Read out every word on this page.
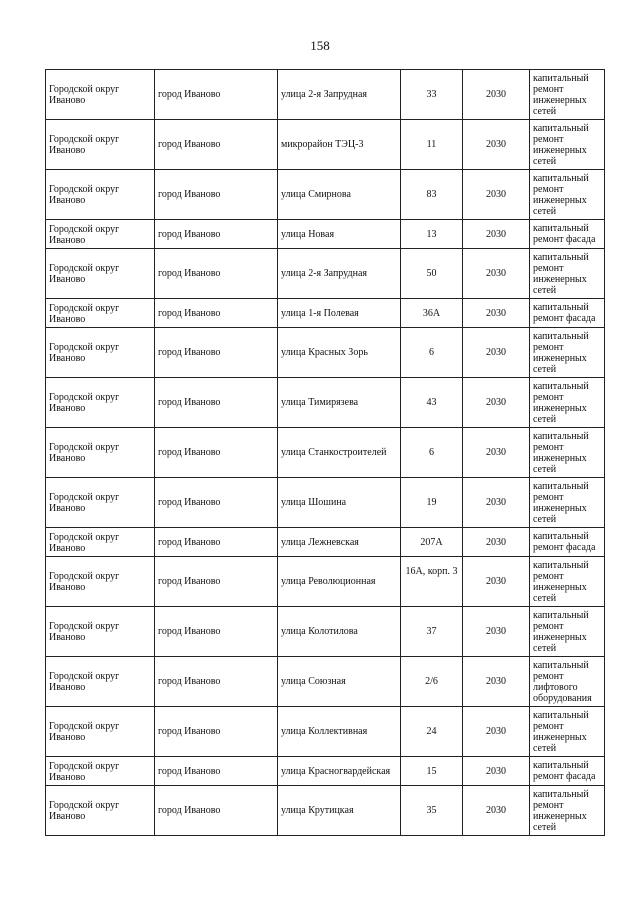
158
Городской округ Иваново	город Иваново	улица 2-я Запрудная	33	2030	капитальный ремонт инженерных сетей
Городской округ Иваново	город Иваново	микрорайон ТЭЦ-3	11	2030	капитальный ремонт инженерных сетей
Городской округ Иваново	город Иваново	улица Смирнова	83	2030	капитальный ремонт инженерных сетей
Городской округ Иваново	город Иваново	улица Новая	13	2030	капитальный ремонт фасада
Городской округ Иваново	город Иваново	улица 2-я Запрудная	50	2030	капитальный ремонт инженерных сетей
Городской округ Иваново	город Иваново	улица 1-я Полевая	36А	2030	капитальный ремонт фасада
Городской округ Иваново	город Иваново	улица Красных Зорь	6	2030	капитальный ремонт инженерных сетей
Городской округ Иваново	город Иваново	улица Тимирязева	43	2030	капитальный ремонт инженерных сетей
Городской округ Иваново	город Иваново	улица Станкостроителей	6	2030	капитальный ремонт инженерных сетей
Городской округ Иваново	город Иваново	улица Шошина	19	2030	капитальный ремонт инженерных сетей
Городской округ Иваново	город Иваново	улица Лежневская	207А	2030	капитальный ремонт фасада
Городской округ Иваново	город Иваново	улица Революционная	16А, корп. 3	2030	капитальный ремонт инженерных сетей
Городской округ Иваново	город Иваново	улица Колотилова	37	2030	капитальный ремонт инженерных сетей
Городской округ Иваново	город Иваново	улица Союзная	2/6	2030	капитальный ремонт лифтового оборудования
Городской округ Иваново	город Иваново	улица Коллективная	24	2030	капитальный ремонт инженерных сетей
Городской округ Иваново	город Иваново	улица Красногвардейская	15	2030	капитальный ремонт фасада
Городской округ Иваново	город Иваново	улица Крутицкая	35	2030	капитальный ремонт инженерных сетей
